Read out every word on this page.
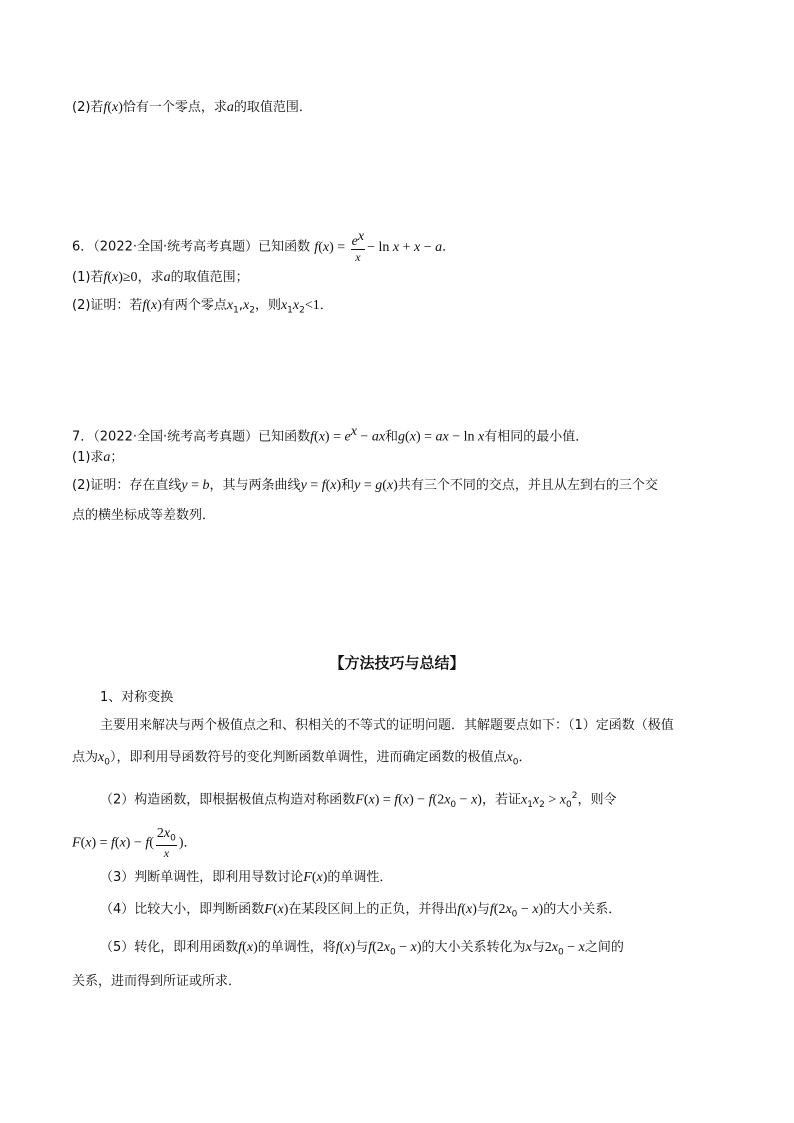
(2)若f(x)恰有一个零点，求a的取值范围．
6．（2022·全国·统考高考真题）已知函数 $f(x) = \frac{e^x}{x} - \ln x + x - a$．
(1)若f(x)≥0，求a的取值范围；
(2)证明：若f(x)有两个零点$x_1,x_2$，则$x_1x_2<1$．
7．（2022·全国·统考高考真题）已知函数$f(x) = e^x$ − ax和g(x) = ax − ln x有相同的最小值．
(1)求a；
(2)证明：存在直线y = b，其与两条曲线y = f(x)和y = g(x)共有三个不同的交点，并且从左到右的三个交
点的横坐标成等差数列．
【方法技巧与总结】
1、对称变换
主要用来解决与两个极值点之和、积相关的不等式的证明问题．其解题要点如下：（1）定函数（极值
点为$x_0$），即利用导函数符号的变化判断函数单调性，进而确定函数的极值点$x_0$．
（2）构造函数，即根据极值点构造对称函数$F(x) = f(x) - f(2x_0 - x)$，若证$x_1x_2 > x_0^2$，则令
$F(x) = f(x) - f( \frac{2x_0}{x}$ )．
（3）判断单调性，即利用导数讨论F(x)的单调性．
（4）比较大小，即判断函数F(x)在某段区间上的正负，并得出f(x)与$f(2x_0 - x)$的大小关系．
（5）转化，即利用函数f(x)的单调性，将f(x)与$f(2x_0 - x)$的大小关系转化为x与$2x_0 - x$之间的
关系，进而得到所证或所求．
